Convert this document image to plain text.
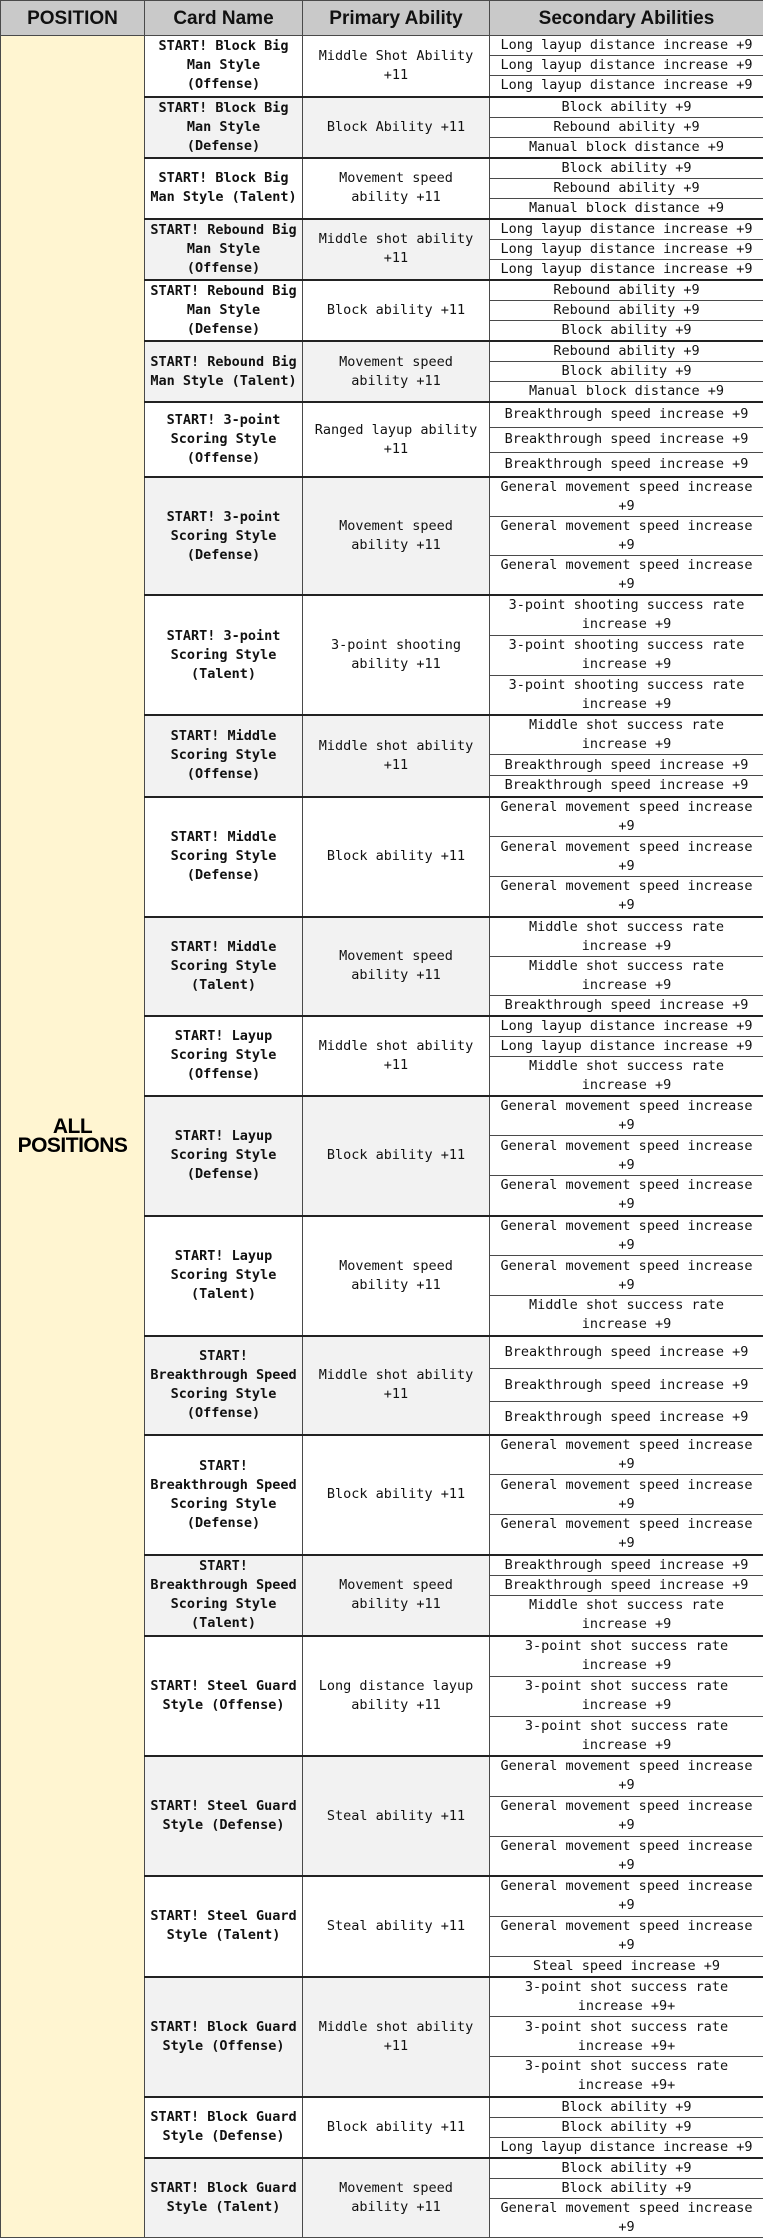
POSITION	Card Name	Primary Ability	Secondary Abilities
ALL POSITIONS	START! Block Big Man Style (Offense)	Middle Shot Ability +11	Long layup distance increase +9
			Long layup distance increase +9
			Long layup distance increase +9
	START! Block Big Man Style (Defense)	Block Ability +11	Block ability +9
			Rebound ability +9
			Manual block distance +9
	START! Block Big Man Style (Talent)	Movement speed ability +11	Block ability +9
			Rebound ability +9
			Manual block distance +9
	START! Rebound Big Man Style (Offense)	Middle shot ability +11	Long layup distance increase +9
			Long layup distance increase +9
			Long layup distance increase +9
	START! Rebound Big Man Style (Defense)	Block ability +11	Rebound ability +9
			Rebound ability +9
			Block ability +9
	START! Rebound Big Man Style (Talent)	Movement speed ability +11	Rebound ability +9
			Block ability +9
			Manual block distance +9
	START! 3-point Scoring Style (Offense)	Ranged layup ability +11	Breakthrough speed increase +9
			Breakthrough speed increase +9
			Breakthrough speed increase +9
	START! 3-point Scoring Style (Defense)	Movement speed ability +11	General movement speed increase +9
			General movement speed increase +9
			General movement speed increase +9
	START! 3-point Scoring Style (Talent)	3-point shooting ability +11	3-point shooting success rate increase +9
			3-point shooting success rate increase +9
			3-point shooting success rate increase +9
	START! Middle Scoring Style (Offense)	Middle shot ability +11	Middle shot success rate increase +9
			Breakthrough speed increase +9
			Breakthrough speed increase +9
	START! Middle Scoring Style (Defense)	Block ability +11	General movement speed increase +9
			General movement speed increase +9
			General movement speed increase +9
	START! Middle Scoring Style (Talent)	Movement speed ability +11	Middle shot success rate increase +9
			Middle shot success rate increase +9
			Breakthrough speed increase +9
	START! Layup Scoring Style (Offense)	Middle shot ability +11	Long layup distance increase +9
			Long layup distance increase +9
			Middle shot success rate increase +9
	START! Layup Scoring Style (Defense)	Block ability +11	General movement speed increase +9
			General movement speed increase +9
			General movement speed increase +9
	START! Layup Scoring Style (Talent)	Movement speed ability +11	General movement speed increase +9
			General movement speed increase +9
			Middle shot success rate increase +9
	START! Breakthrough Speed Scoring Style (Offense)	Middle shot ability +11	Breakthrough speed increase +9
			Breakthrough speed increase +9
			Breakthrough speed increase +9
	START! Breakthrough Speed Scoring Style (Defense)	Block ability +11	General movement speed increase +9
			General movement speed increase +9
			General movement speed increase +9
	START! Breakthrough Speed Scoring Style (Talent)	Movement speed ability +11	Breakthrough speed increase +9
			Breakthrough speed increase +9
			Middle shot success rate increase +9
	START! Steel Guard Style (Offense)	Long distance layup ability +11	3-point shot success rate increase +9
			3-point shot success rate increase +9
			3-point shot success rate increase +9
	START! Steel Guard Style (Defense)	Steal ability +11	General movement speed increase +9
			General movement speed increase +9
			General movement speed increase +9
	START! Steel Guard Style (Talent)	Steal ability +11	General movement speed increase +9
			General movement speed increase +9
			Steal speed increase +9
	START! Block Guard Style (Offense)	Middle shot ability +11	3-point shot success rate increase +9+
			3-point shot success rate increase +9+
			3-point shot success rate increase +9+
	START! Block Guard Style (Defense)	Block ability +11	Block ability +9
			Block ability +9
			Long layup distance increase +9
	START! Block Guard Style (Talent)	Movement speed ability +11	Block ability +9
			Block ability +9
			General movement speed increase +9
